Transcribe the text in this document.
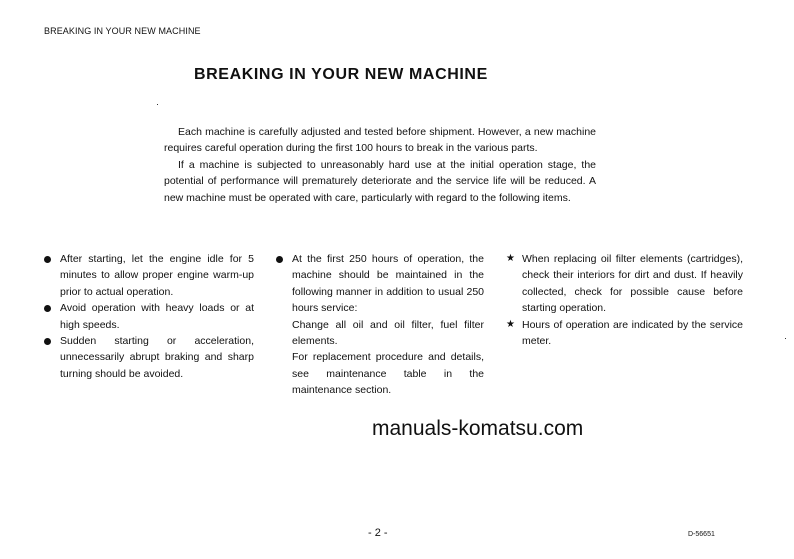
BREAKING IN YOUR NEW MACHINE
BREAKING IN YOUR NEW MACHINE

Each machine is carefully adjusted and tested before shipment. However, a new machine requires careful operation during the first 100 hours to break in the various parts.

If a machine is subjected to unreasonably hard use at the initial operation stage, the potential of performance will prematurely deteriorate and the service life will be reduced. A new machine must be operated with care, particularly with regard to the following items.

After starting, let the engine idle for 5 minutes to allow proper engine warm-up prior to actual operation.
Avoid operation with heavy loads or at high speeds.
Sudden starting or acceleration, unnecessarily abrupt braking and sharp turning should be avoided.
At the first 250 hours of operation, the machine should be maintained in the following manner in addition to usual 250 hours service:

Change all oil and oil filter, fuel filter elements.

For replacement procedure and details, see maintenance table in the maintenance section.

★ When replacing oil filter elements (cartridges), check their interiors for dirt and dust. If heavily collected, check for possible cause before starting operation.
★ Hours of operation are indicated by the service meter.
manuals-komatsu.com
- 2 -	D-56651
